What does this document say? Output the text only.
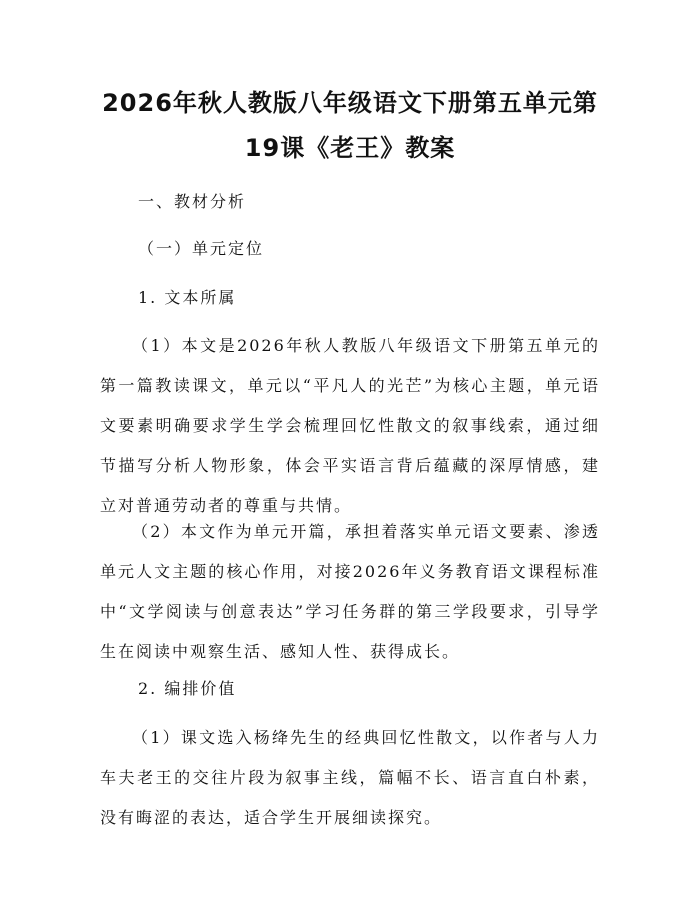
2026年秋人教版八年级语文下册第五单元第
19课《老王》教案
一、教材分析
（一）单元定位
1. 文本所属

（1）本文是2026年秋人教版八年级语文下册第五单元的第一篇教读课文，单元以“平凡人的光芒”为核心主题，单元语文要素明确要求学生学会梳理回忆性散文的叙事线索，通过细节描写分析人物形象，体会平实语言背后蕴藏的深厚情感，建立对普通劳动者的尊重与共情。

（2）本文作为单元开篇，承担着落实单元语文要素、渗透单元人文主题的核心作用，对接2026年义务教育语文课程标准中“文学阅读与创意表达”学习任务群的第三学段要求，引导学生在阅读中观察生活、感知人性、获得成长。

2. 编排价值

（1）课文选入杨绛先生的经典回忆性散文，以作者与人力车夫老王的交往片段为叙事主线，篇幅不长、语言直白朴素，没有晦涩的表达，适合学生开展细读探究。
